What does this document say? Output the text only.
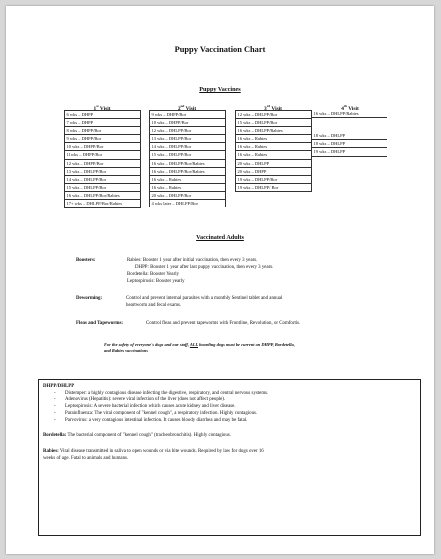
Puppy Vaccination Chart
Puppy Vaccines
1st Visit
6 wks – DHPP
7 wks – DHPP
8 wks – DHPP/Bor
9 wks – DHPP/Bor
10 wks – DHPP/Bor
11wks – DHPP/Bor
12 wks – DHPP/Bor
13 wks – DHLPP/Bor
14 wks – DHLPP/Bor
15 wks – DHLPP/Bor
16 wks – DHLPP/Bor/Rabies
17+ wks – DHLPP/Bor/Rabies
2nd Visit
9 wks – DHPP/Bor
10 wks – DHPP/Bor
12 wks – DHLPP/Bor
13 wks – DHLPP/Bor
14 wks – DHLPP/Bor
15 wks – DHLPP/Bor
16 wks – DHLPP/Bor/Rabies
16 wks – DHLPP/Bor/Rabies
16 wks – Rabies
16 wks – Rabies
20 wks – DHLPP/Bor
4 wks later – DHLPP/Bor
3rd Visit
12 wks – DHLPP/Bor
15 wks – DHLPP/Bor
16 wks – DHLPP/Rabies
16 wks – Rabies
16 wks – Rabies
16 wks – Rabies
20 wks – DHLPP
20 wks – DHPP
19 wks – DHLPP/Bor
19 wks – DHLPP/ Bor
4th Visit
16 wks – DHLPP/Rabies
18 wks – DHLPP
18 wks – DHLPP
19 wks – DHLPP
Vaccinated Adults
Boosters:	Rabies: Booster 1 year after initial vaccination, then every 3 years.
DHPP: Booster 1 year after last puppy vaccination, then every 3 years.
Bordetella: Booster Yearly
Leptospirosis: Booster yearly
Deworming:	Control and prevent internal parasites with a monthly Sentinel tablet and annual
heartworm and fecal exams.
Fleas and Tapeworms:	Control fleas and prevent tapeworms with Frontline, Revolution, or Comfortis.
For the safety of everyone's dogs and our staff, ALL boarding dogs must be current on DHPP, Bordetella,
and Rabies vaccinations
DHPP/DHLPP
- Distemper: a highly contagious disease infecting the digestive, respiratory, and central nervous systems.
- Adenovirus (Hepatitis): severe viral infection of the liver (does not affect people).
- Leptospirosis: A severe bacterial infection which causes acute kidney and liver disease.
- Parainfluenza: The viral component of "kennel cough", a respiratory infection. Highly contagious.
- Parvovirus: a very contagious intestinal infection. It causes bloody diarrhea and may be fatal.
Bordetella: The bacterial component of "kennel cough" (tracheobronchitis). Highly contagious.
Rabies: Viral disease transmitted in saliva to open wounds or via bite wounds. Required by law for dogs over 16
weeks of age. Fatal to animals and humans.
